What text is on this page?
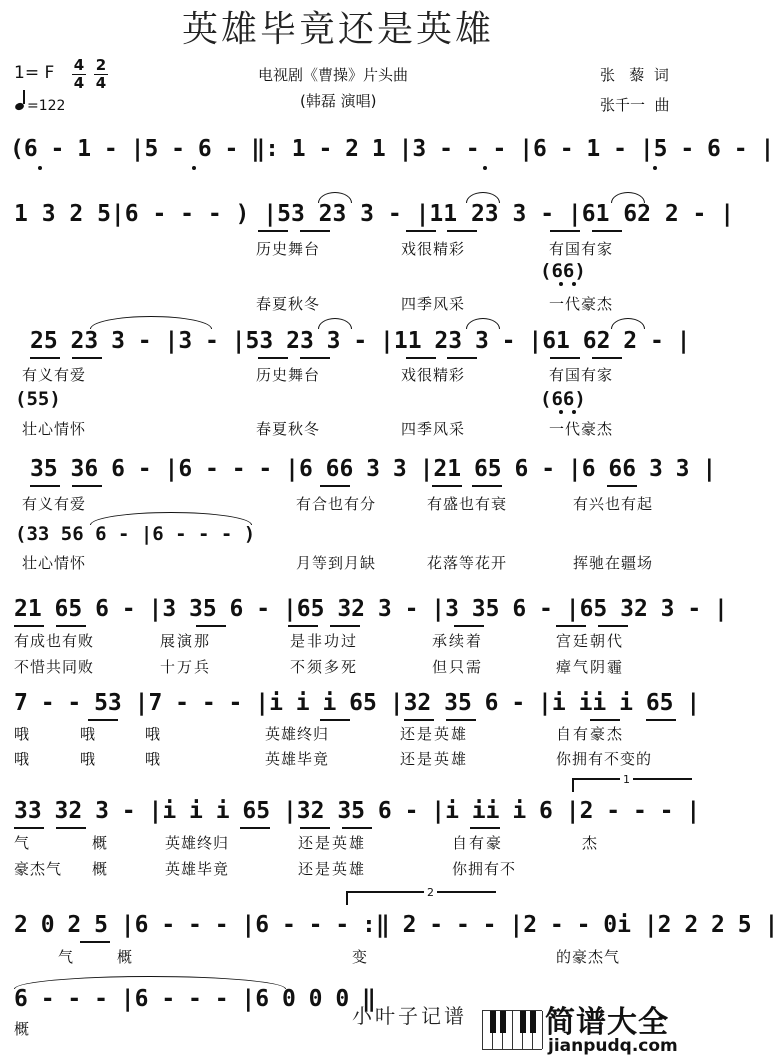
英雄毕竟还是英雄
1= F 4
4
2
4
=122
电视剧《曹操》片头曲
(韩磊 演唱)
张   藜  词
张千一  曲
(6 - 1 - |5 - 6 - ‖: 1 - 2 1 |3 - - - |6 - 1 - |5 - 6 - |
1 3 2 5|6 - - - ) |53 23 3 - |11 23 3 - |61 62 2 - |
历史舞台	戏很精彩	有国有家
(66)
春夏秋冬	四季风采	一代豪杰
25 23 3 - |3 - |53 23 3 - |11 23 3 - |61 62 2 - |
有义有爱	历史舞台	戏很精彩	有国有家
(55)	(66)
壮心情怀	春夏秋冬	四季风采	一代豪杰
35 36 6 - |6 - - - |6 66 3 3 |21 65 6 - |6 66 3 3 |
有义有爱	有合也有分	有盛也有衰	有兴也有起
(33 56 6 - |6 - - - )
壮心情怀	月等到月缺	花落等花开	挥驰在疆场
21 65 6 - |3 35 6 - |65 32 3 - |3 35 6 - |65 32 3 - |
有成也有败	展演那	是非功过	承续着	宫廷朝代
不惜共同败	十万兵	不须多死	但只需	瘴气阴霾
7 - - 53 |7 - - - |i i i 65 |32 35 6 - |i ii i 65 |
哦	哦	哦	英雄终归	还是英雄	自有豪杰
哦	哦	哦	英雄毕竟	还是英雄	你拥有不变的
1
33 32 3 - |i i i 65 |32 35 6 - |i ii i 6 |2 - - - |
气	概	英雄终归	还是英雄	自有豪	杰
豪杰气 概	英雄毕竟	还是英雄	你拥有不
2
2 0 2 5 |6 - - - |6 - - - :‖ 2 - - - |2 - - 0i |2 2 2 5 |
气	概	变	的豪杰气
6 - - - |6 - - - |6 0 0 0 ‖
概
小叶子记谱	简谱大全
jianpudq.com
